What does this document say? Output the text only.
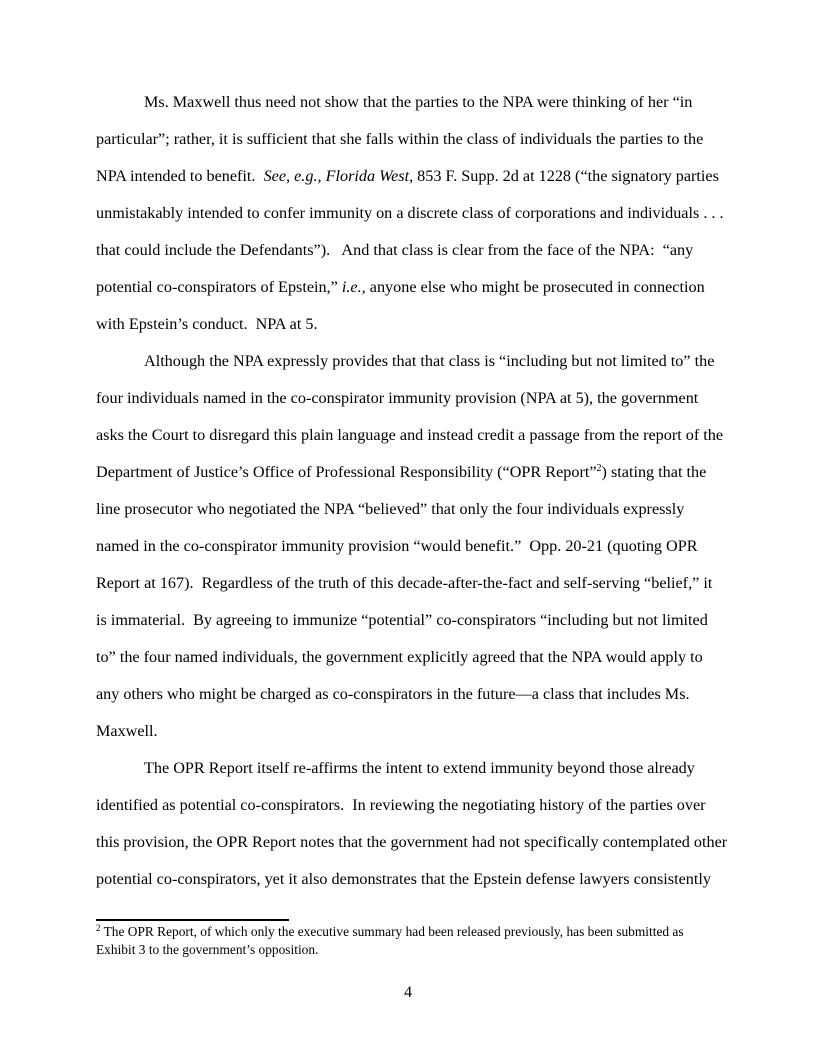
Ms. Maxwell thus need not show that the parties to the NPA were thinking of her “in
particular”; rather, it is sufficient that she falls within the class of individuals the parties to the
NPA intended to benefit.  See, e.g., Florida West, 853 F. Supp. 2d at 1228 (“the signatory parties
unmistakably intended to confer immunity on a discrete class of corporations and individuals . . .
that could include the Defendants”).   And that class is clear from the face of the NPA:  “any
potential co-conspirators of Epstein,” i.e., anyone else who might be prosecuted in connection
with Epstein’s conduct.  NPA at 5.
Although the NPA expressly provides that that class is “including but not limited to” the
four individuals named in the co-conspirator immunity provision (NPA at 5), the government
asks the Court to disregard this plain language and instead credit a passage from the report of the
Department of Justice’s Office of Professional Responsibility (“OPR Report”$^2$) stating that the
line prosecutor who negotiated the NPA “believed” that only the four individuals expressly
named in the co-conspirator immunity provision “would benefit.”  Opp. 20-21 (quoting OPR
Report at 167).  Regardless of the truth of this decade-after-the-fact and self-serving “belief,” it
is immaterial.  By agreeing to immunize “potential” co-conspirators “including but not limited
to” the four named individuals, the government explicitly agreed that the NPA would apply to
any others who might be charged as co-conspirators in the future—a class that includes Ms.
Maxwell.
The OPR Report itself re-affirms the intent to extend immunity beyond those already
identified as potential co-conspirators.  In reviewing the negotiating history of the parties over
this provision, the OPR Report notes that the government had not specifically contemplated other
potential co-conspirators, yet it also demonstrates that the Epstein defense lawyers consistently
$^2$ The OPR Report, of which only the executive summary had been released previously, has been submitted as
Exhibit 3 to the government’s opposition.
4
